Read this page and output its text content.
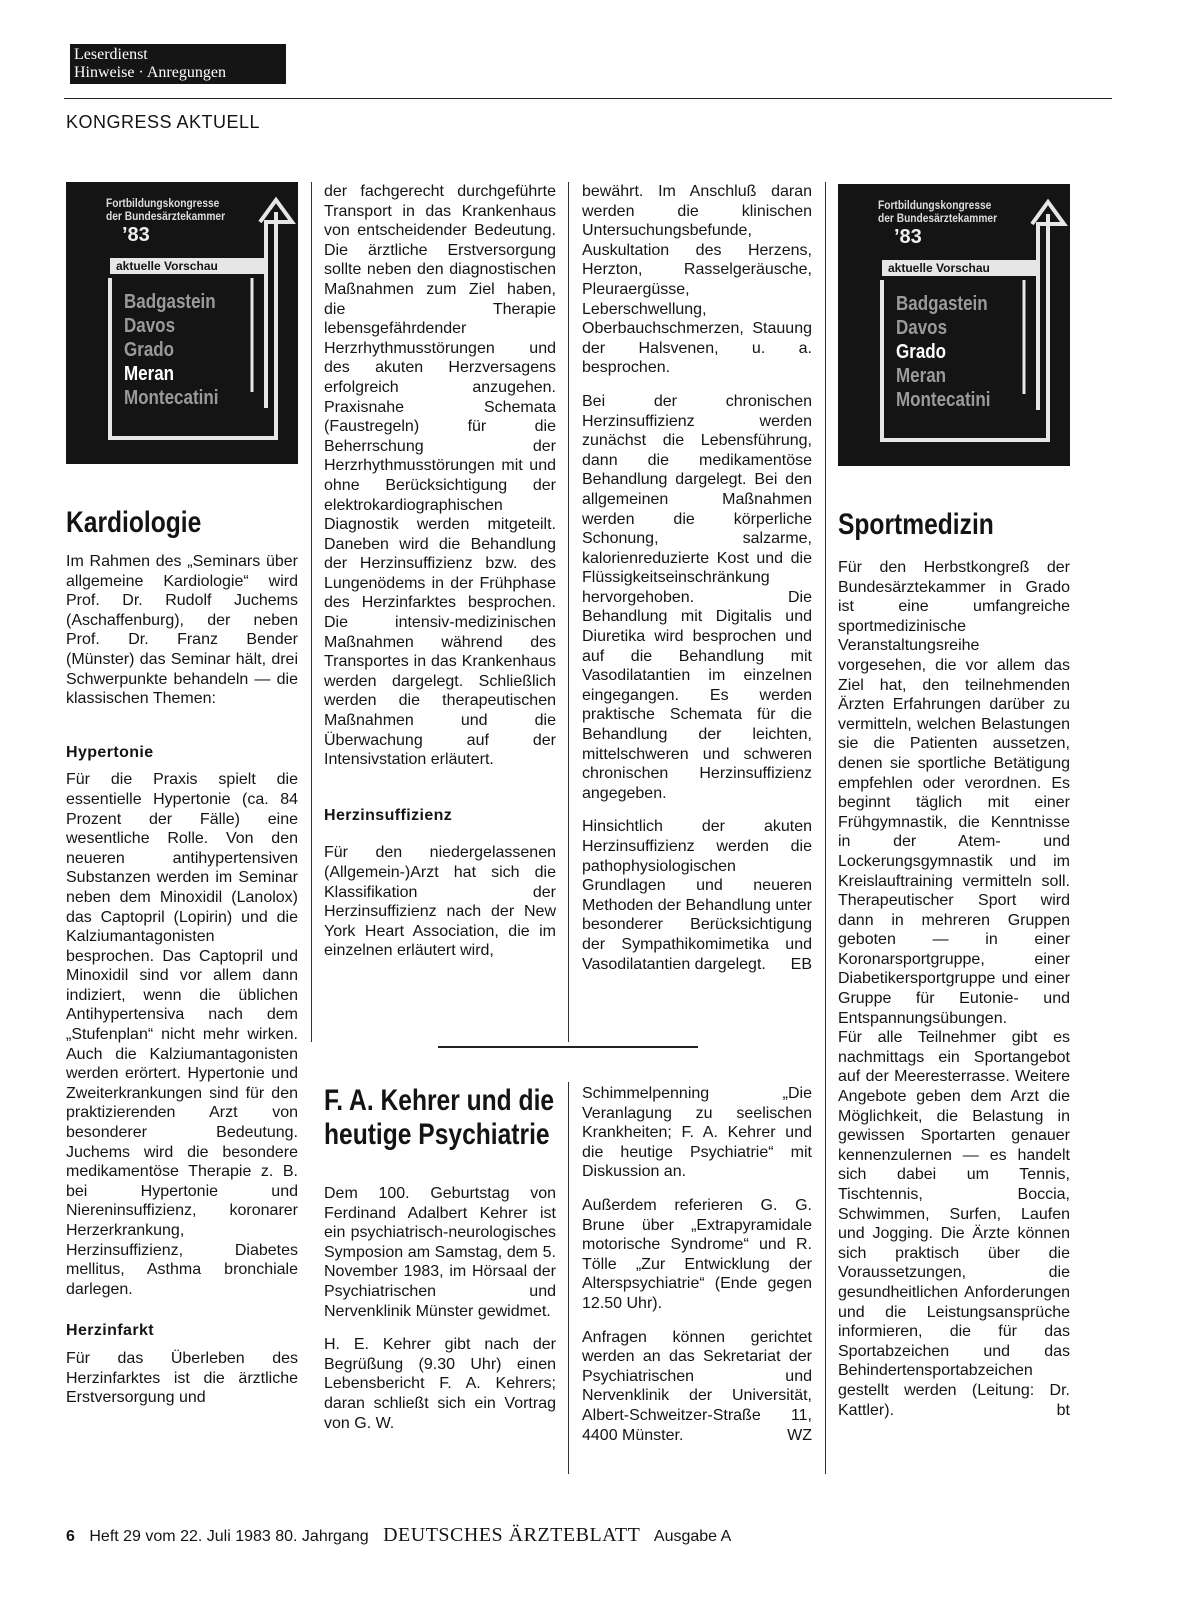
Leserdienst
Hinweise · Anregungen
KONGRESS AKTUELL
Fortbildungskongresse
der Bundesärztekammer
’83
aktuelle Vorschau
Badgastein
Davos
Grado
Meran
Montecatini
Fortbildungskongresse
der Bundesärztekammer
’83
aktuelle Vorschau
Badgastein
Davos
Grado
Meran
Montecatini
Kardiologie

Im Rahmen des „Seminars über allgemeine Kardiologie“ wird Prof. Dr. Rudolf Juchems (Aschaffenburg), der neben Prof. Dr. Franz Bender (Münster) das Seminar hält, drei Schwerpunkte behandeln — die klassischen Themen:

Hypertonie

Für die Praxis spielt die essentielle Hypertonie (ca. 84 Prozent der Fälle) eine wesentliche Rolle. Von den neueren antihypertensiven Substanzen werden im Seminar neben dem Minoxidil (Lanolox) das Captopril (Lopirin) und die Kalziumantagonisten besprochen. Das Captopril und Minoxidil sind vor allem dann indiziert, wenn die üblichen Antihypertensiva nach dem „Stufenplan“ nicht mehr wirken. Auch die Kalziumantagonisten werden erörtert. Hypertonie und Zweiterkrankungen sind für den praktizierenden Arzt von besonderer Bedeutung. Juchems wird die besondere medikamentöse Therapie z. B. bei Hypertonie und Niereninsuffizienz, koronarer Herzerkrankung, Herzinsuffizienz, Diabetes mellitus, Asthma bronchiale darlegen.

Herzinfarkt

Für das Überleben des Herzinfarktes ist die ärztliche Erstversorgung und

der fachgerecht durchgeführte Transport in das Krankenhaus von entscheidender Bedeutung. Die ärztliche Erstversorgung sollte neben den diagnostischen Maßnahmen zum Ziel haben, die Therapie lebensgefährdender Herzrhythmusstörungen und des akuten Herzversagens erfolgreich anzugehen. Praxisnahe Schemata (Faustregeln) für die Beherrschung der Herzrhythmusstörungen mit und ohne Berücksichtigung der elektrokardiographischen Diagnostik werden mitgeteilt. Daneben wird die Behandlung der Herzinsuffizienz bzw. des Lungenödems in der Frühphase des Herzinfarktes besprochen. Die intensiv-medizinischen Maßnahmen während des Transportes in das Krankenhaus werden dargelegt. Schließlich werden die therapeutischen Maßnahmen und die Überwachung auf der Intensivstation erläutert.

Herzinsuffizienz

Für den niedergelassenen (Allgemein-)Arzt hat sich die Klassifikation der Herzinsuffizienz nach der New York Heart Association, die im einzelnen erläutert wird,

bewährt. Im Anschluß daran werden die klinischen Untersuchungsbefunde, Auskultation des Herzens, Herzton, Rasselgeräusche, Pleuraergüsse, Leberschwellung, Oberbauchschmerzen, Stauung der Halsvenen, u. a. besprochen.

Bei der chronischen Herzinsuffizienz werden zunächst die Lebensführung, dann die medikamentöse Behandlung dargelegt. Bei den allgemeinen Maßnahmen werden die körperliche Schonung, salzarme, kalorienreduzierte Kost und die Flüssigkeitseinschränkung hervorgehoben. Die Behandlung mit Digitalis und Diuretika wird besprochen und auf die Behandlung mit Vasodilatantien im einzelnen eingegangen. Es werden praktische Schemata für die Behandlung der leichten, mittelschweren und schweren chronischen Herzinsuffizienz angegeben.

Hinsichtlich der akuten Herzinsuffizienz werden die pathophysiologischen Grundlagen und neueren Methoden der Behandlung unter besonderer Berücksichtigung der Sympathikomimetika und Vasodilatantien dargelegt. EB

F. A. Kehrer und die
heutige Psychiatrie

Dem 100. Geburtstag von Ferdinand Adalbert Kehrer ist ein psychiatrisch-neurologisches Symposion am Samstag, dem 5. November 1983, im Hörsaal der Psychiatrischen und Nervenklinik Münster gewidmet.

H. E. Kehrer gibt nach der Begrüßung (9.30 Uhr) einen Lebensbericht F. A. Kehrers; daran schließt sich ein Vortrag von G. W.

Schimmelpenning „Die Veranlagung zu seelischen Krankheiten; F. A. Kehrer und die heutige Psychiatrie“ mit Diskussion an.

Außerdem referieren G. G. Brune über „Extrapyramidale motorische Syndrome“ und R. Tölle „Zur Entwicklung der Alterspsychiatrie“ (Ende gegen 12.50 Uhr).

Anfragen können gerichtet werden an das Sekretariat der Psychiatrischen und Nervenklinik der Universität, Albert-Schweitzer-Straße 11, 4400 Münster.	WZ

Sportmedizin

Für den Herbstkongreß der Bundesärztekammer in Grado ist eine umfangreiche sportmedizinische Veranstaltungsreihe vorgesehen, die vor allem das Ziel hat, den teilnehmenden Ärzten Erfahrungen darüber zu vermitteln, welchen Belastungen sie die Patienten aussetzen, denen sie sportliche Betätigung empfehlen oder verordnen. Es beginnt täglich mit einer Frühgymnastik, die Kenntnisse in der Atem- und Lockerungsgymnastik und im Kreislauftraining vermitteln soll. Therapeutischer Sport wird dann in mehreren Gruppen geboten — in einer Koronarsportgruppe, einer Diabetikersportgruppe und einer Gruppe für Eutonie- und Entspannungsübungen.

Für alle Teilnehmer gibt es nachmittags ein Sportangebot auf der Meeresterrasse. Weitere Angebote geben dem Arzt die Möglichkeit, die Belastung in gewissen Sportarten genauer kennenzulernen — es handelt sich dabei um Tennis, Tischtennis, Boccia, Schwimmen, Surfen, Laufen und Jogging. Die Ärzte können sich praktisch über die Voraussetzungen, die gesundheitlichen Anforderungen und die Leistungsansprüche informieren, die für das Sportabzeichen und das Behindertensportabzeichen gestellt werden (Leitung: Dr. Kattler).	bt

6 Heft 29 vom 22. Juli 1983 80. Jahrgang DEUTSCHES ÄRZTEBLATT Ausgabe A
